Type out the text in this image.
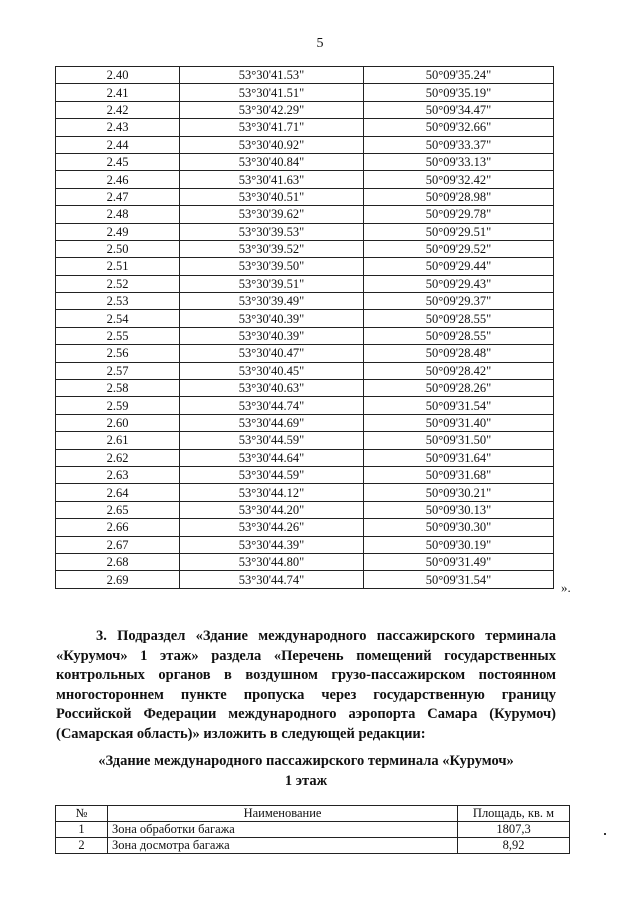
5
2.40	53°30'41.53"	50°09'35.24"
2.41	53°30'41.51"	50°09'35.19"
2.42	53°30'42.29"	50°09'34.47"
2.43	53°30'41.71"	50°09'32.66"
2.44	53°30'40.92"	50°09'33.37"
2.45	53°30'40.84"	50°09'33.13"
2.46	53°30'41.63"	50°09'32.42"
2.47	53°30'40.51"	50°09'28.98"
2.48	53°30'39.62"	50°09'29.78"
2.49	53°30'39.53"	50°09'29.51"
2.50	53°30'39.52"	50°09'29.52"
2.51	53°30'39.50"	50°09'29.44"
2.52	53°30'39.51"	50°09'29.43"
2.53	53°30'39.49"	50°09'29.37"
2.54	53°30'40.39"	50°09'28.55"
2.55	53°30'40.39"	50°09'28.55"
2.56	53°30'40.47"	50°09'28.48"
2.57	53°30'40.45"	50°09'28.42"
2.58	53°30'40.63"	50°09'28.26"
2.59	53°30'44.74"	50°09'31.54"
2.60	53°30'44.69"	50°09'31.40"
2.61	53°30'44.59"	50°09'31.50"
2.62	53°30'44.64"	50°09'31.64"
2.63	53°30'44.59"	50°09'31.68"
2.64	53°30'44.12"	50°09'30.21"
2.65	53°30'44.20"	50°09'30.13"
2.66	53°30'44.26"	50°09'30.30"
2.67	53°30'44.39"	50°09'30.19"
2.68	53°30'44.80"	50°09'31.49"
2.69	53°30'44.74"	50°09'31.54"
».
3. Подраздел «Здание международного пассажирского терминала «Курумоч» 1 этаж» раздела «Перечень помещений государственных контрольных органов в воздушном грузо-пассажирском постоянном многостороннем пункте пропуска через государственную границу Российской Федерации международного аэропорта Самара (Курумоч) (Самарская область)» изложить в следующей редакции:
«Здание международного пассажирского терминала «Курумоч»
1 этаж
№	Наименование	Площадь, кв. м
1	Зона обработки багажа	1807,3
2	Зона досмотра багажа	8,92
